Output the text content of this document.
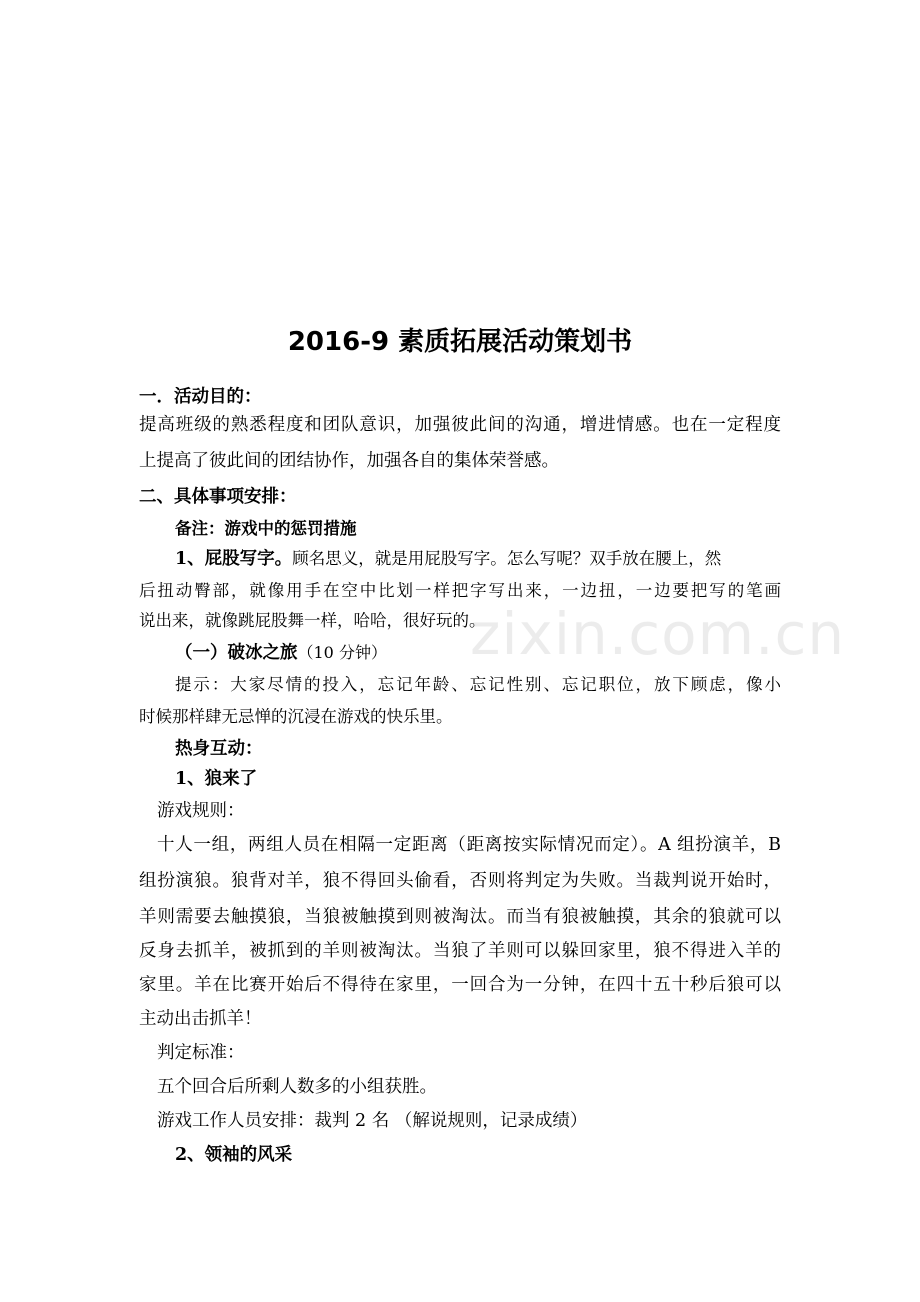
zixin.com.cn
2016-9 素质拓展活动策划书
一．活动目的：
提高班级的熟悉程度和团队意识，加强彼此间的沟通，增进情感。也在一定程度
上提高了彼此间的团结协作，加强各自的集体荣誉感。
二、具体事项安排：
备注：游戏中的惩罚措施
1、屁股写字。顾名思义，就是用屁股写字。怎么写呢？双手放在腰上，然
后扭动臀部，就像用手在空中比划一样把字写出来，一边扭，一边要把写的笔画
说出来，就像跳屁股舞一样，哈哈，很好玩的。
（一）破冰之旅（10 分钟）
提示：大家尽情的投入，忘记年龄、忘记性别、忘记职位，放下顾虑，像小
时候那样肆无忌惮的沉浸在游戏的快乐里。
热身互动：
1、狼来了
游戏规则：
十人一组，两组人员在相隔一定距离（距离按实际情况而定）。A 组扮演羊，B
组扮演狼。狼背对羊，狼不得回头偷看，否则将判定为失败。当裁判说开始时，
羊则需要去触摸狼，当狼被触摸到则被淘汰。而当有狼被触摸，其余的狼就可以
反身去抓羊，被抓到的羊则被淘汰。当狼了羊则可以躲回家里，狼不得进入羊的
家里。羊在比赛开始后不得待在家里，一回合为一分钟，在四十五十秒后狼可以
主动出击抓羊！
判定标准：
五个回合后所剩人数多的小组获胜。
游戏工作人员安排：裁判 2 名 （解说规则，记录成绩）
2、领袖的风采
